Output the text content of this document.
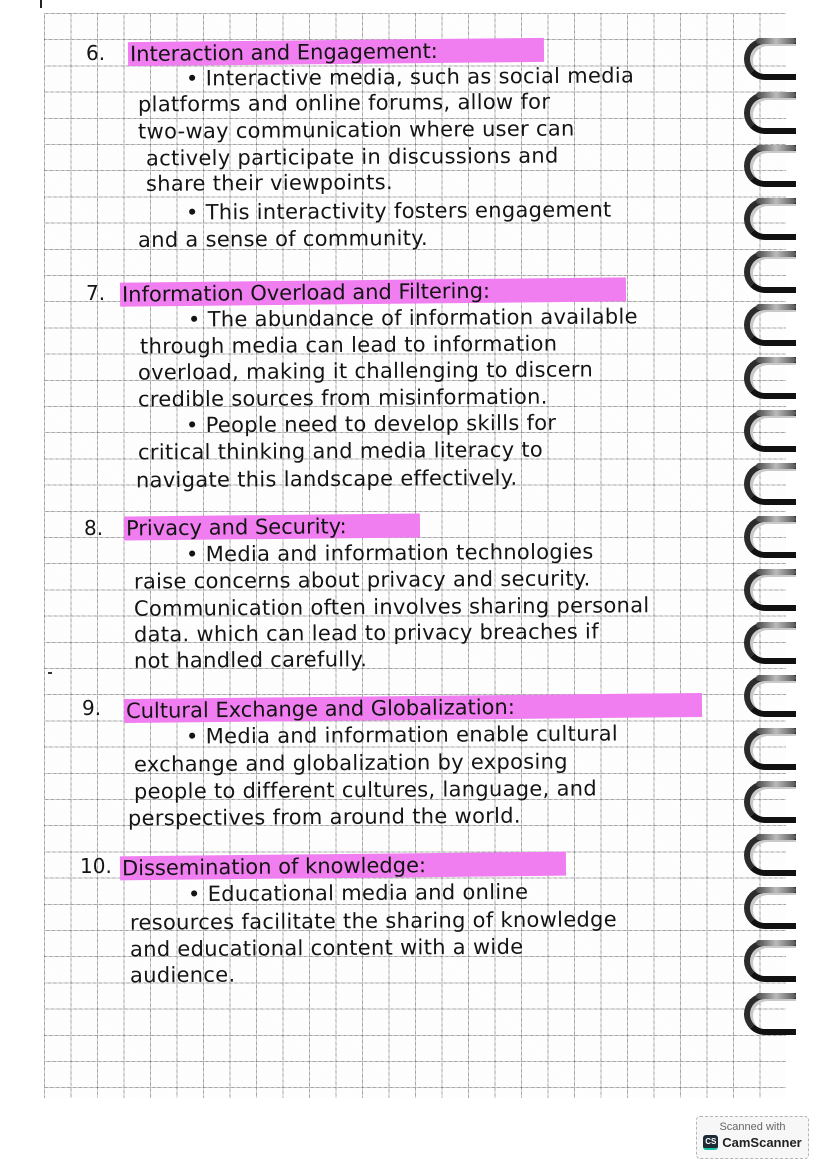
6. Interaction and Engagement:
• Interactive media, such as social media
platforms and online forums, allow for
two-way communication where user can
actively participate in discussions and
share their viewpoints.
• This interactivity fosters engagement
and a sense of community.
7. Information Overload and Filtering:
• The abundance of information available
through media can lead to information
overload, making it challenging to discern
credible sources from misinformation.
• People need to develop skills for
critical thinking and media literacy to
navigate this landscape effectively.
8. Privacy and Security:
• Media and information technologies
raise concerns about privacy and security.
Communication often involves sharing personal
data. which can lead to privacy breaches if
not handled carefully.
9. Cultural Exchange and Globalization:
• Media and information enable cultural
exchange and globalization by exposing
people to different cultures, language, and
perspectives from around the world.
10. Dissemination of knowledge:
• Educational media and online
resources facilitate the sharing of knowledge
and educational content with a wide
audience.
Scanned with
CS CamScanner
